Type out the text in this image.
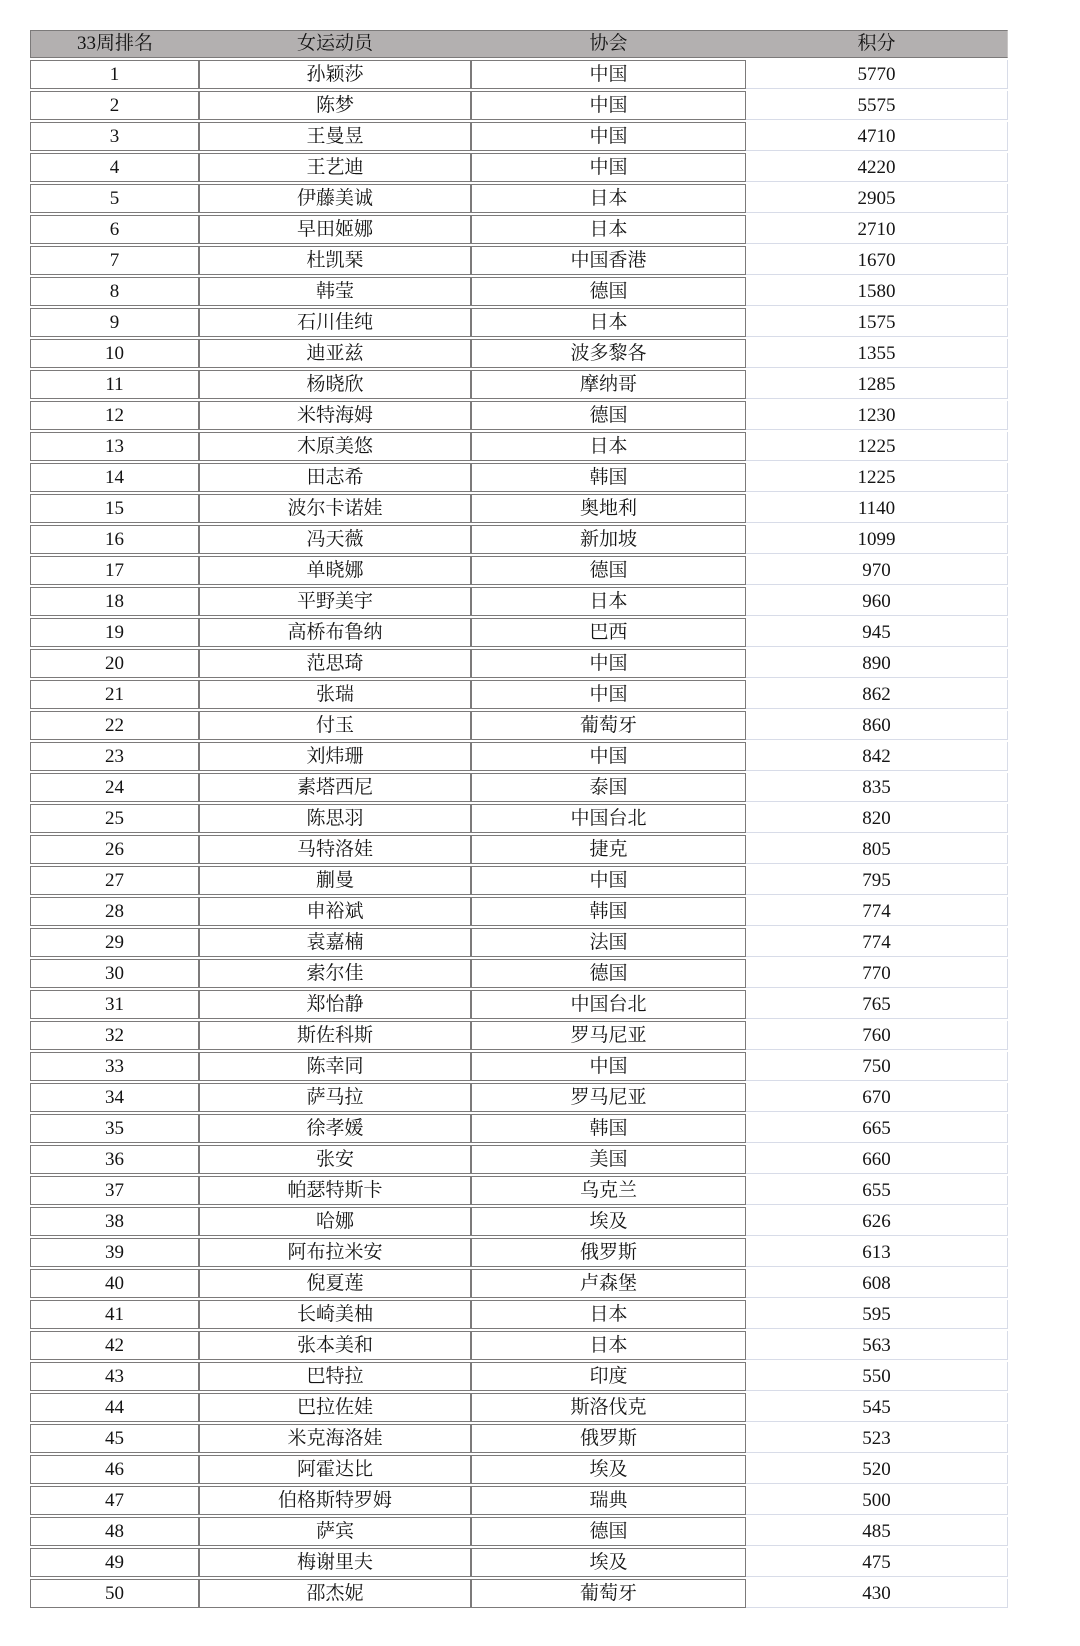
33周排名	女运动员	协会	积分
1	孙颖莎	中国	5770
2	陈梦	中国	5575
3	王曼昱	中国	4710
4	王艺迪	中国	4220
5	伊藤美诚	日本	2905
6	早田姬娜	日本	2710
7	杜凯琹	中国香港	1670
8	韩莹	德国	1580
9	石川佳纯	日本	1575
10	迪亚兹	波多黎各	1355
11	杨晓欣	摩纳哥	1285
12	米特海姆	德国	1230
13	木原美悠	日本	1225
14	田志希	韩国	1225
15	波尔卡诺娃	奥地利	1140
16	冯天薇	新加坡	1099
17	单晓娜	德国	970
18	平野美宇	日本	960
19	高桥布鲁纳	巴西	945
20	范思琦	中国	890
21	张瑞	中国	862
22	付玉	葡萄牙	860
23	刘炜珊	中国	842
24	素塔西尼	泰国	835
25	陈思羽	中国台北	820
26	马特洛娃	捷克	805
27	蒯曼	中国	795
28	申裕斌	韩国	774
29	袁嘉楠	法国	774
30	索尔佳	德国	770
31	郑怡静	中国台北	765
32	斯佐科斯	罗马尼亚	760
33	陈幸同	中国	750
34	萨马拉	罗马尼亚	670
35	徐孝媛	韩国	665
36	张安	美国	660
37	帕瑟特斯卡	乌克兰	655
38	哈娜	埃及	626
39	阿布拉米安	俄罗斯	613
40	倪夏莲	卢森堡	608
41	长崎美柚	日本	595
42	张本美和	日本	563
43	巴特拉	印度	550
44	巴拉佐娃	斯洛伐克	545
45	米克海洛娃	俄罗斯	523
46	阿霍达比	埃及	520
47	伯格斯特罗姆	瑞典	500
48	萨宾	德国	485
49	梅谢里夫	埃及	475
50	邵杰妮	葡萄牙	430
